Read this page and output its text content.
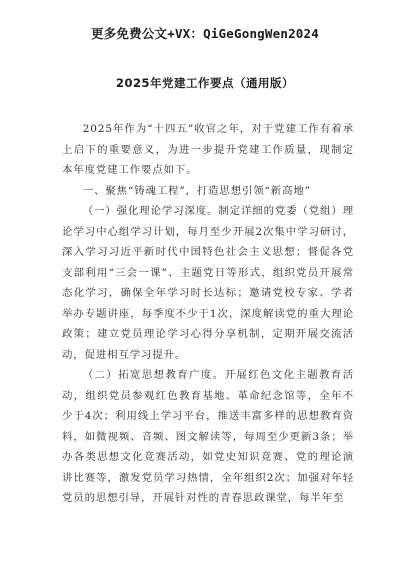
更多免费公文+VX：QiGeGongWen2024
2025年党建工作要点（通用版）

2025年作为“十四五”收官之年，对于党建工作有着承上启下的重要意义，为进一步提升党建工作质量，现制定本年度党建工作要点如下。

一、聚焦“铸魂工程”，打造思想引领“新高地”

（一）强化理论学习深度。制定详细的党委（党组）理论学习中心组学习计划，每月至少开展2次集中学习研讨，深入学习习近平新时代中国特色社会主义思想；督促各党支部利用“三会一课”、主题党日等形式，组织党员开展常态化学习，确保全年学习时长达标；邀请党校专家、学者举办专题讲座，每季度不少于1次，深度解读党的重大理论政策；建立党员理论学习心得分享机制，定期开展交流活动，促进相互学习提升。

（二）拓宽思想教育广度。开展红色文化主题教育活动，组织党员参观红色教育基地、革命纪念馆等，全年不少于4次；利用线上学习平台，推送丰富多样的思想教育资料，如微视频、音频、图文解读等，每周至少更新3条；举办各类思想文化竞赛活动，如党史知识竞赛、党的理论演讲比赛等，激发党员学习热情，全年组织2次；加强对年轻党员的思想引导，开展针对性的青春思政课堂，每半年至
